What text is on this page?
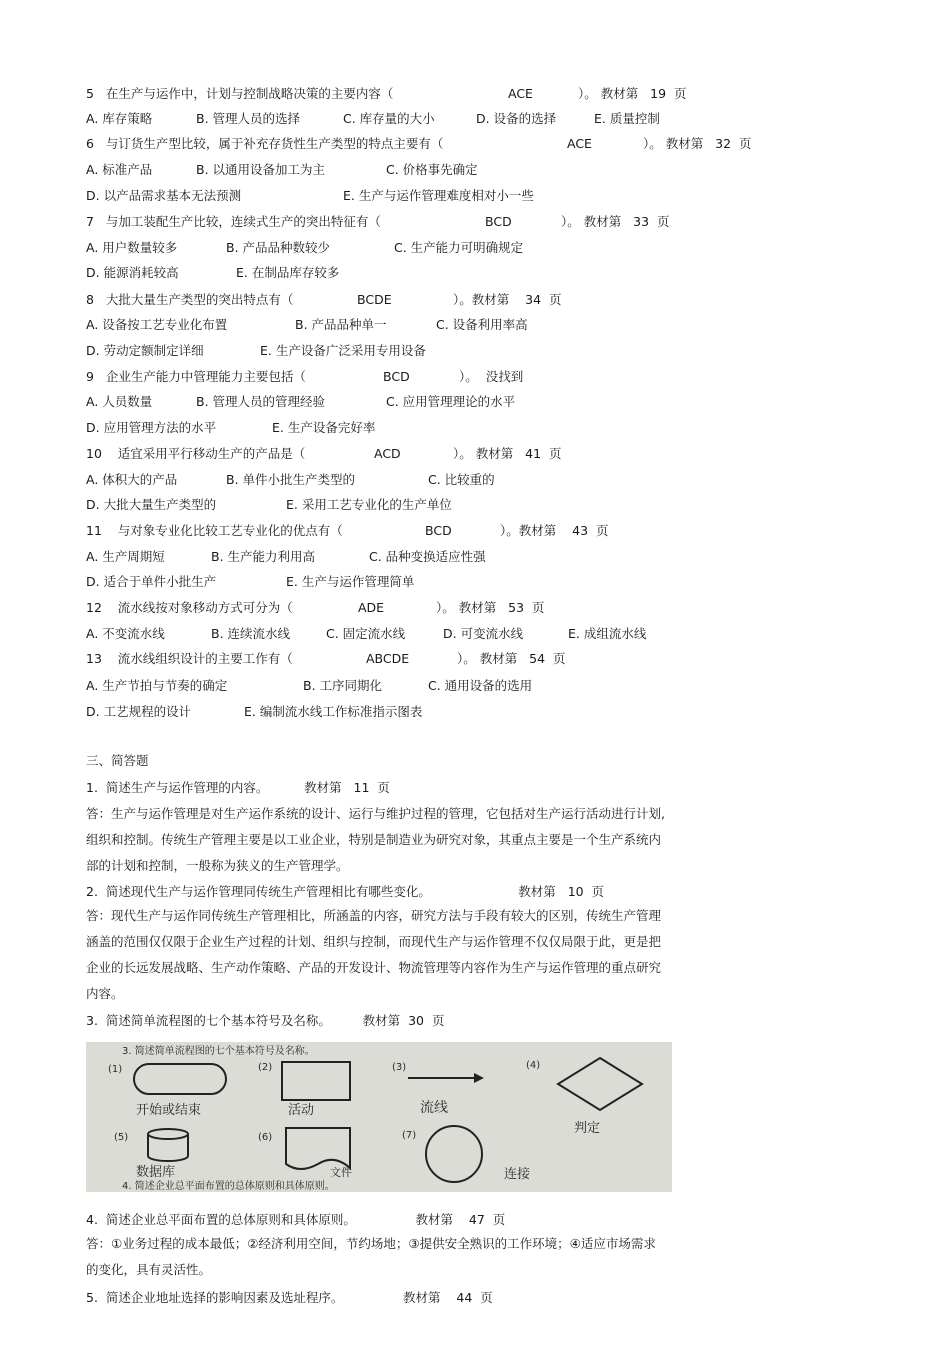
5   在生产与运作中，计划与控制战略决策的主要内容（	ACE	）。 教材第   19  页
A. 库存策略	B. 管理人员的选择	C. 库存量的大小	D. 设备的选择	E. 质量控制
6   与订货生产型比较，属于补充存货性生产类型的特点主要有（	ACE	）。 教材第   32  页
A. 标准产品	B. 以通用设备加工为主	C. 价格事先确定
D. 以产品需求基本无法预测	E. 生产与运作管理难度相对小一些
7   与加工装配生产比较，连续式生产的突出特征有（	BCD	）。 教材第   33  页
A. 用户数量较多	B. 产品品种数较少	C. 生产能力可明确规定
D. 能源消耗较高	E. 在制品库存较多
8   大批大量生产类型的突出特点有（	BCDE	）。教材第    34  页
A. 设备按工艺专业化布置	B. 产品品种单一	C. 设备利用率高
D. 劳动定额制定详细	E. 生产设备广泛采用专用设备
9   企业生产能力中管理能力主要包括（	BCD	）。  没找到
A. 人员数量	B. 管理人员的管理经验	C. 应用管理理论的水平
D. 应用管理方法的水平	E. 生产设备完好率
10    适宜采用平行移动生产的产品是（	ACD	）。 教材第   41  页
A. 体积大的产品	B. 单件小批生产类型的	C. 比较重的
D. 大批大量生产类型的	E. 采用工艺专业化的生产单位
11    与对象专业化比较工艺专业化的优点有（	BCD	）。教材第    43  页
A. 生产周期短	B. 生产能力利用高	C. 品种变换适应性强
D. 适合于单件小批生产	E. 生产与运作管理简单
12    流水线按对象移动方式可分为（	ADE	）。 教材第   53  页
A. 不变流水线	B. 连续流水线	C. 固定流水线	D. 可变流水线	E. 成组流水线
13    流水线组织设计的主要工作有（	ABCDE	）。 教材第   54  页
A. 生产节拍与节奏的确定	B. 工序同期化	C. 通用设备的选用
D. 工艺规程的设计	E. 编制流水线工作标准指示图表
三、简答题
1.  简述生产与运作管理的内容。         教材第   11  页
答：生产与运作管理是对生产运作系统的设计、运行与维护过程的管理，它包括对生产运行活动进行计划,
组织和控制。传统生产管理主要是以工业企业，特别是制造业为研究对象，其重点主要是一个生产系统内
部的计划和控制，一般称为狭义的生产管理学。
2.  简述现代生产与运作管理同传统生产管理相比有哪些变化。                      教材第   10  页
答：现代生产与运作同传统生产管理相比，所涵盖的内容，研究方法与手段有较大的区别，传统生产管理
涵盖的范围仅仅限于企业生产过程的计划、组织与控制，而现代生产与运作管理不仅仅局限于此，更是把
企业的长远发展战略、生产动作策略、产品的开发设计、物流管理等内容作为生产与运作管理的重点研究
内容。
3.  简述简单流程图的七个基本符号及名称。        教材第  30  页
3. 简述简单流程图的七个基本符号及名称。
(1)
开始或结束
(2)
活动
(3)
流线
(4)
判定
(5)
数据库
(6)
文件
(7)
连接
4. 简述企业总平面布置的总体原则和具体原则。
4.  简述企业总平面布置的总体原则和具体原则。               教材第    47  页
答：①业务过程的成本最低；②经济利用空间，节约场地；③提供安全熟识的工作环境；④适应市场需求
的变化，具有灵活性。
5.  简述企业地址选择的影响因素及选址程序。               教材第    44  页
